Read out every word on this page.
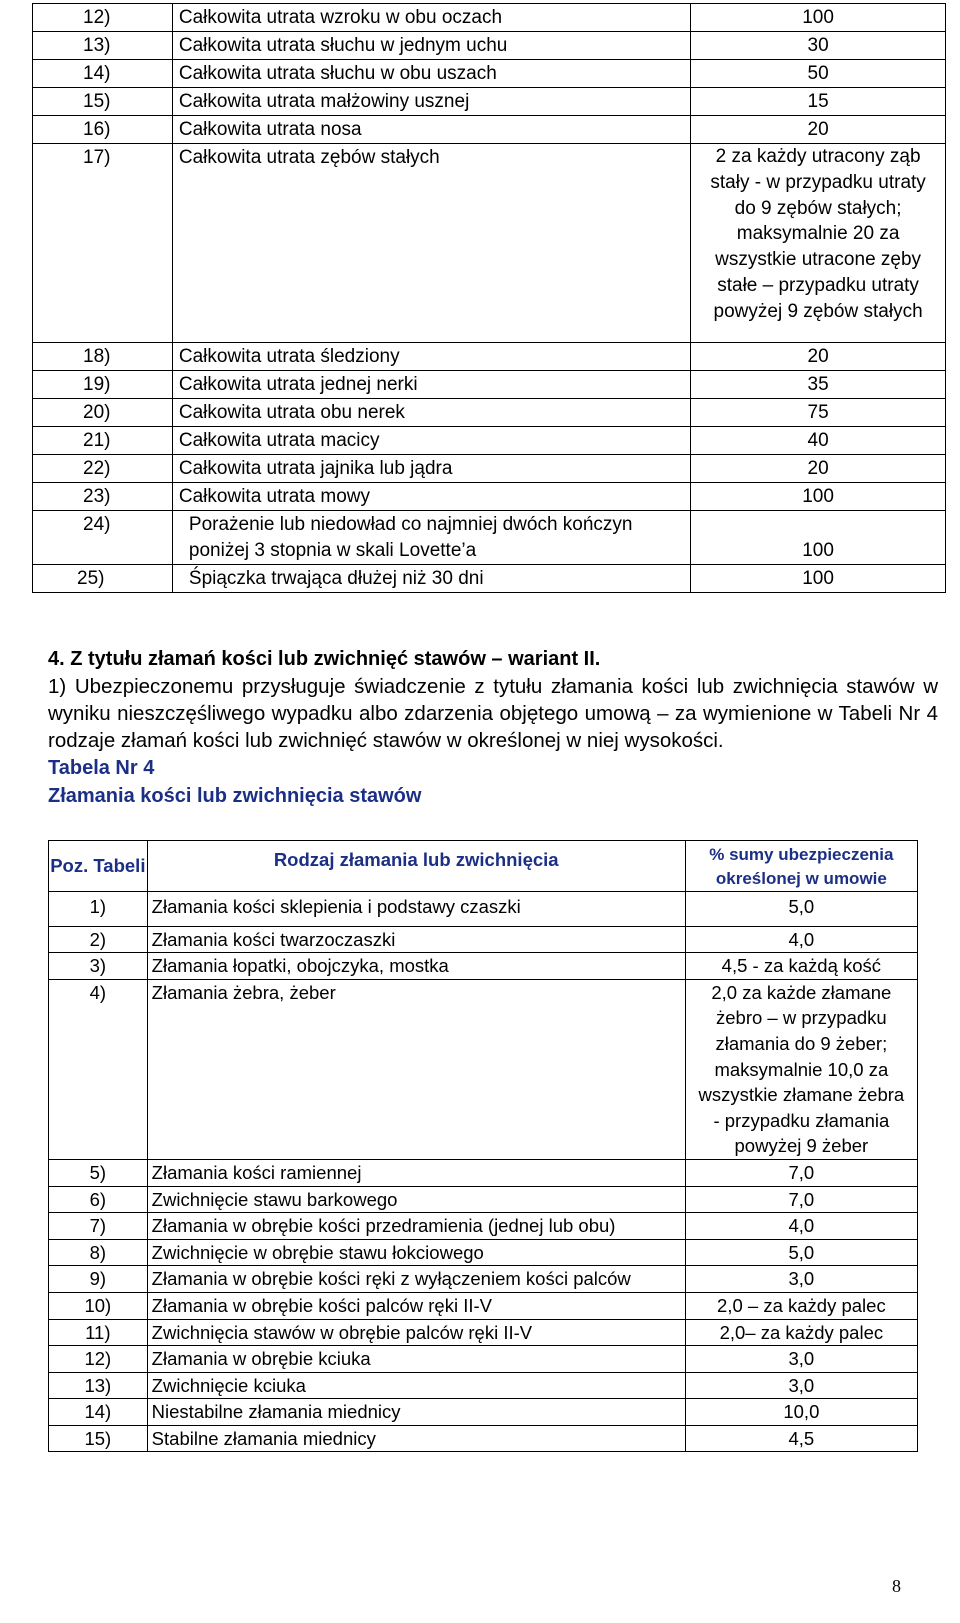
12)	Całkowita utrata wzroku w obu oczach	100
13)	Całkowita utrata słuchu w jednym uchu	30
14)	Całkowita utrata słuchu w obu uszach	50
15)	Całkowita utrata małżowiny usznej	15
16)	Całkowita utrata nosa	20
17)	Całkowita utrata zębów stałych	2 za każdy utracony ząb stały - w przypadku utraty do 9 zębów stałych; maksymalnie 20 za wszystkie utracone zęby stałe – przypadku utraty powyżej 9 zębów stałych
18)	Całkowita utrata śledziony	20
19)	Całkowita utrata jednej nerki	35
20)	Całkowita utrata obu nerek	75
21)	Całkowita utrata macicy	40
22)	Całkowita utrata jajnika lub jądra	20
23)	Całkowita utrata mowy	100
24)	Porażenie lub niedowład co najmniej dwóch kończyn poniżej 3 stopnia w skali Lovette’a	100
25)	Śpiączka trwająca dłużej niż 30 dni	100

4. Z tytułu złamań kości lub zwichnięć stawów – wariant II.

1) Ubezpieczonemu przysługuje świadczenie z tytułu złamania kości lub zwichnięcia stawów w wyniku nieszczęśliwego wypadku albo zdarzenia objętego umową – za wymienione w Tabeli Nr 4 rodzaje złamań kości lub zwichnięć stawów w określonej w niej wysokości.

Tabela Nr 4

Złamania kości lub zwichnięcia stawów

Poz. Tabeli	Rodzaj złamania lub zwichnięcia	% sumy ubezpieczenia określonej w umowie
1)	Złamania kości sklepienia i podstawy czaszki	5,0
2)	Złamania kości twarzoczaszki	4,0
3)	Złamania łopatki, obojczyka, mostka	4,5 - za każdą kość
4)	Złamania żebra, żeber	2,0 za każde złamane żebro – w przypadku złamania do 9 żeber; maksymalnie 10,0 za wszystkie złamane żebra - przypadku złamania powyżej 9 żeber
5)	Złamania kości ramiennej	7,0
6)	Zwichnięcie stawu barkowego	7,0
7)	Złamania w obrębie kości przedramienia (jednej lub obu)	4,0
8)	Zwichnięcie w obrębie stawu łokciowego	5,0
9)	Złamania w obrębie kości ręki z wyłączeniem kości palców	3,0
10)	Złamania w obrębie kości palców ręki II-V	2,0 – za każdy palec
11)	Zwichnięcia stawów w obrębie palców ręki II-V	2,0– za każdy palec
12)	Złamania w obrębie kciuka	3,0
13)	Zwichnięcie kciuka	3,0
14)	Niestabilne złamania miednicy	10,0
15)	Stabilne złamania miednicy	4,5
8
